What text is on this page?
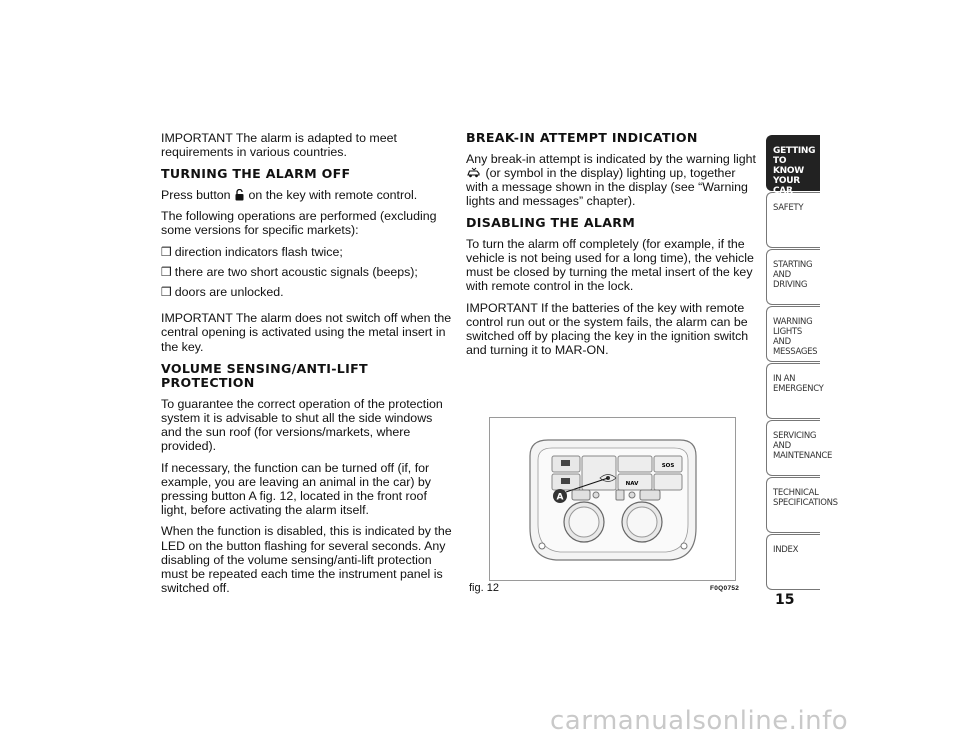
IMPORTANT The alarm is adapted to meet requirements in various countries.

TURNING THE ALARM OFF

Press button on the key with remote control.

The following operations are performed (excluding some versions for specific markets):

❒ direction indicators flash twice;
❒ there are two short acoustic signals (beeps);
❒ doors are unlocked.

IMPORTANT The alarm does not switch off when the central opening is activated using the metal insert in the key.

VOLUME SENSING/ANTI-LIFT PROTECTION

To guarantee the correct operation of the protection system it is advisable to shut all the side windows and the sun roof (for versions/markets, where provided).

If necessary, the function can be turned off (if, for example, you are leaving an animal in the car) by pressing button A fig. 12, located in the front roof light, before activating the alarm itself.

When the function is disabled, this is indicated by the LED on the button flashing for several seconds. Any disabling of the volume sensing/anti-lift protection must be repeated each time the instrument panel is switched off.

BREAK-IN ATTEMPT INDICATION

Any break-in attempt is indicated by the warning light
(or symbol in the display) lighting up, together with a message shown in the display (see “Warning lights and messages” chapter).

DISABLING THE ALARM

To turn the alarm off completely (for example, if the vehicle is not being used for a long time), the vehicle must be closed by turning the metal insert of the key with remote control in the lock.

IMPORTANT If the batteries of the key with remote control run out or the system fails, the alarm can be switched off by placing the key in the ignition switch and turning it to MAR-ON.

SOS
NAV
A
fig. 12	F0Q0752
GETTING TO
KNOW YOUR CAR
SAFETY

STARTING AND
DRIVING
WARNING LIGHTS
AND MESSAGES
IN AN EMERGENCY

SERVICING AND
MAINTENANCE
TECHNICAL
SPECIFICATIONS
INDEX

15
carmanualsonline.info
